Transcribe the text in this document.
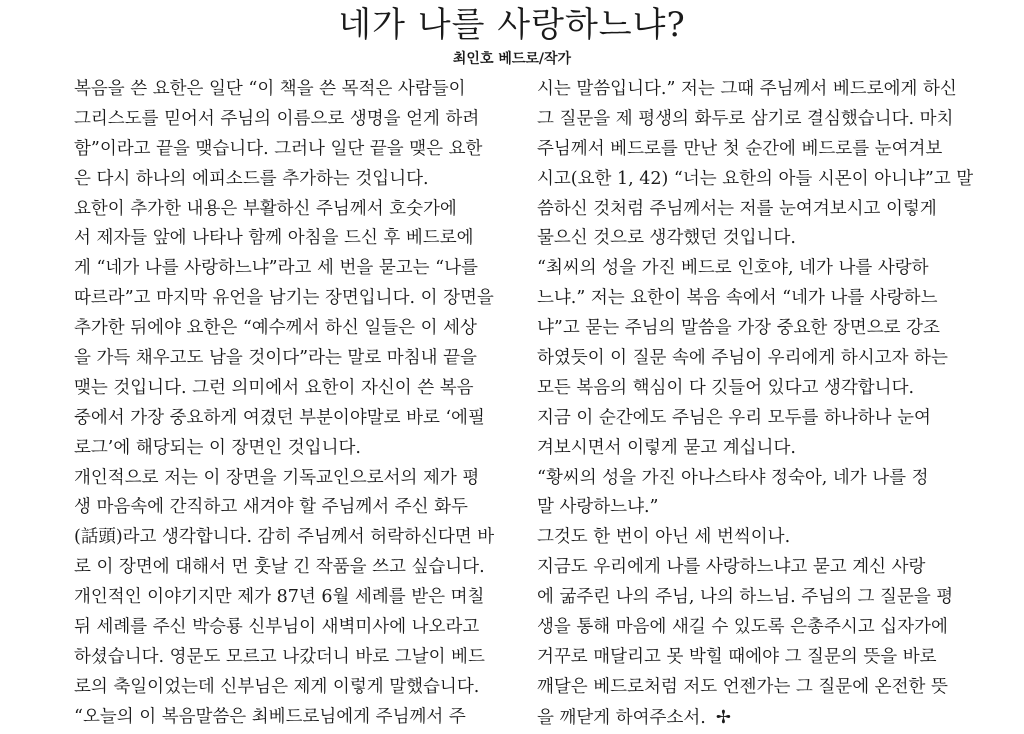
네가 나를 사랑하느냐?
최인호 베드로/작가
복음을 쓴 요한은 일단 “이 책을 쓴 목적은 사람들이
그리스도를 믿어서 주님의 이름으로 생명을 얻게 하려
함”이라고 끝을 맺습니다. 그러나 일단 끝을 맺은 요한
은 다시 하나의 에피소드를 추가하는 것입니다.
요한이 추가한 내용은 부활하신 주님께서 호숫가에
서 제자들 앞에 나타나 함께 아침을 드신 후 베드로에
게 “네가 나를 사랑하느냐”라고 세 번을 묻고는 “나를
따르라”고 마지막 유언을 남기는 장면입니다. 이 장면을
추가한 뒤에야 요한은 “예수께서 하신 일들은 이 세상
을 가득 채우고도 남을 것이다”라는 말로 마침내 끝을
맺는 것입니다. 그런 의미에서 요한이 자신이 쓴 복음
중에서 가장 중요하게 여겼던 부분이야말로 바로 ‘에필
로그’에 해당되는 이 장면인 것입니다.
개인적으로 저는 이 장면을 기독교인으로서의 제가 평
생 마음속에 간직하고 새겨야 할 주님께서 주신 화두
(話頭)라고 생각합니다. 감히 주님께서 허락하신다면 바
로 이 장면에 대해서 먼 훗날 긴 작품을 쓰고 싶습니다.
개인적인 이야기지만 제가 87년 6월 세례를 받은 며칠
뒤 세례를 주신 박승룡 신부님이 새벽미사에 나오라고
하셨습니다. 영문도 모르고 나갔더니 바로 그날이 베드
로의 축일이었는데 신부님은 제게 이렇게 말했습니다.
“오늘의 이 복음말씀은 최베드로님에게 주님께서 주
시는 말씀입니다.” 저는 그때 주님께서 베드로에게 하신
그 질문을 제 평생의 화두로 삼기로 결심했습니다. 마치
주님께서 베드로를 만난 첫 순간에 베드로를 눈여겨보
시고(요한 1, 42) “너는 요한의 아들 시몬이 아니냐”고 말
씀하신 것처럼 주님께서는 저를 눈여겨보시고 이렇게
물으신 것으로 생각했던 것입니다.
“최씨의 성을 가진 베드로 인호야, 네가 나를 사랑하
느냐.” 저는 요한이 복음 속에서 “네가 나를 사랑하느
냐”고 묻는 주님의 말씀을 가장 중요한 장면으로 강조
하였듯이 이 질문 속에 주님이 우리에게 하시고자 하는
모든 복음의 핵심이 다 깃들어 있다고 생각합니다.
지금 이 순간에도 주님은 우리 모두를 하나하나 눈여
겨보시면서 이렇게 묻고 계십니다.
“황씨의 성을 가진 아나스타샤 정숙아, 네가 나를 정
말 사랑하느냐.”
그것도 한 번이 아닌 세 번씩이나.
지금도 우리에게 나를 사랑하느냐고 묻고 계신 사랑
에 굶주린 나의 주님, 나의 하느님. 주님의 그 질문을 평
생을 통해 마음에 새길 수 있도록 은총주시고 십자가에
거꾸로 매달리고 못 박힐 때에야 그 질문의 뜻을 바로
깨달은 베드로처럼 저도 언젠가는 그 질문에 온전한 뜻
을 깨닫게 하여주소서. ✢
